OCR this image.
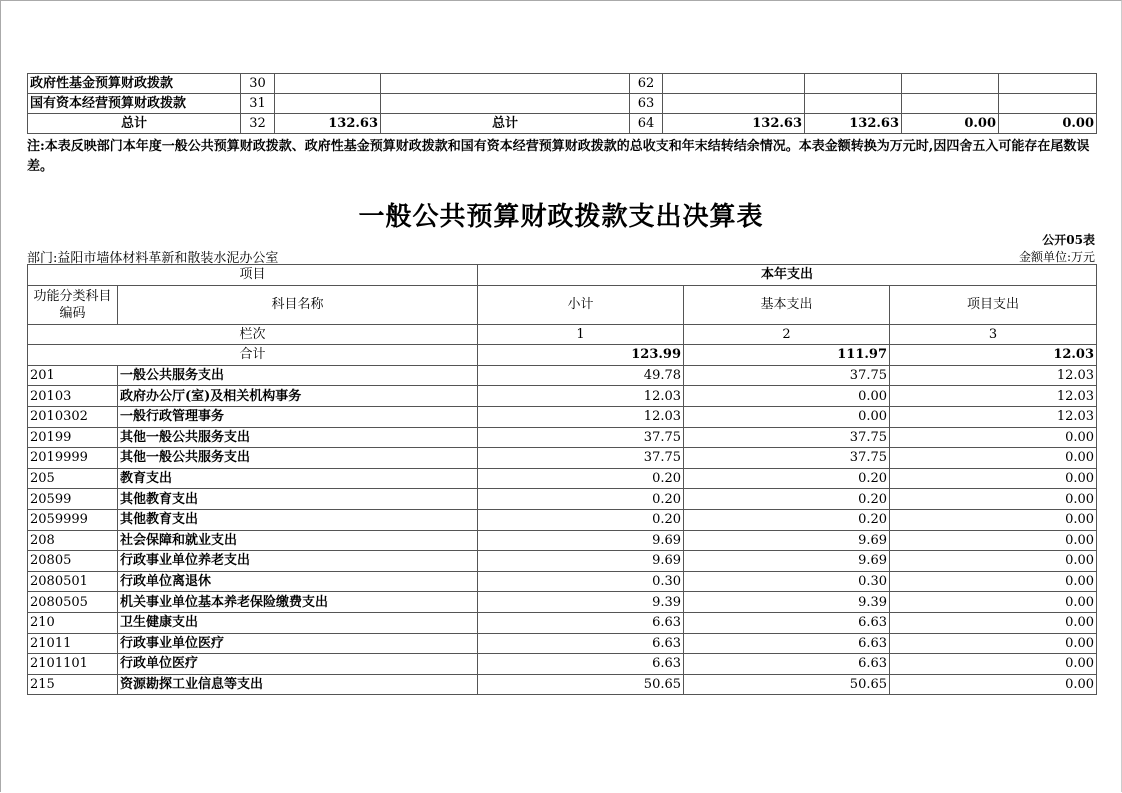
政府性基金预算财政拨款	30			62				
国有资本经营预算财政拨款	31			63				
总计	32	132.63	总计	64	132.63	132.63	0.00	0.00
注:本表反映部门本年度一般公共预算财政拨款、政府性基金预算财政拨款和国有资本经营预算财政拨款的总收支和年末结转结余情况。本表金额转换为万元时,因四舍五入可能存在尾数误差。
一般公共预算财政拨款支出决算表
公开05表
部门:益阳市墙体材料革新和散装水泥办公室	金额单位:万元
项目		本年支出		
功能分类科目编码	科目名称	小计	基本支出	项目支出
栏次		1	2	3
合计		123.99	111.97	12.03
201	一般公共服务支出	49.78	37.75	12.03
20103	政府办公厅(室)及相关机构事务	12.03	0.00	12.03
2010302	一般行政管理事务	12.03	0.00	12.03
20199	其他一般公共服务支出	37.75	37.75	0.00
2019999	其他一般公共服务支出	37.75	37.75	0.00
205	教育支出	0.20	0.20	0.00
20599	其他教育支出	0.20	0.20	0.00
2059999	其他教育支出	0.20	0.20	0.00
208	社会保障和就业支出	9.69	9.69	0.00
20805	行政事业单位养老支出	9.69	9.69	0.00
2080501	行政单位离退休	0.30	0.30	0.00
2080505	机关事业单位基本养老保险缴费支出	9.39	9.39	0.00
210	卫生健康支出	6.63	6.63	0.00
21011	行政事业单位医疗	6.63	6.63	0.00
2101101	行政单位医疗	6.63	6.63	0.00
215	资源勘探工业信息等支出	50.65	50.65	0.00
